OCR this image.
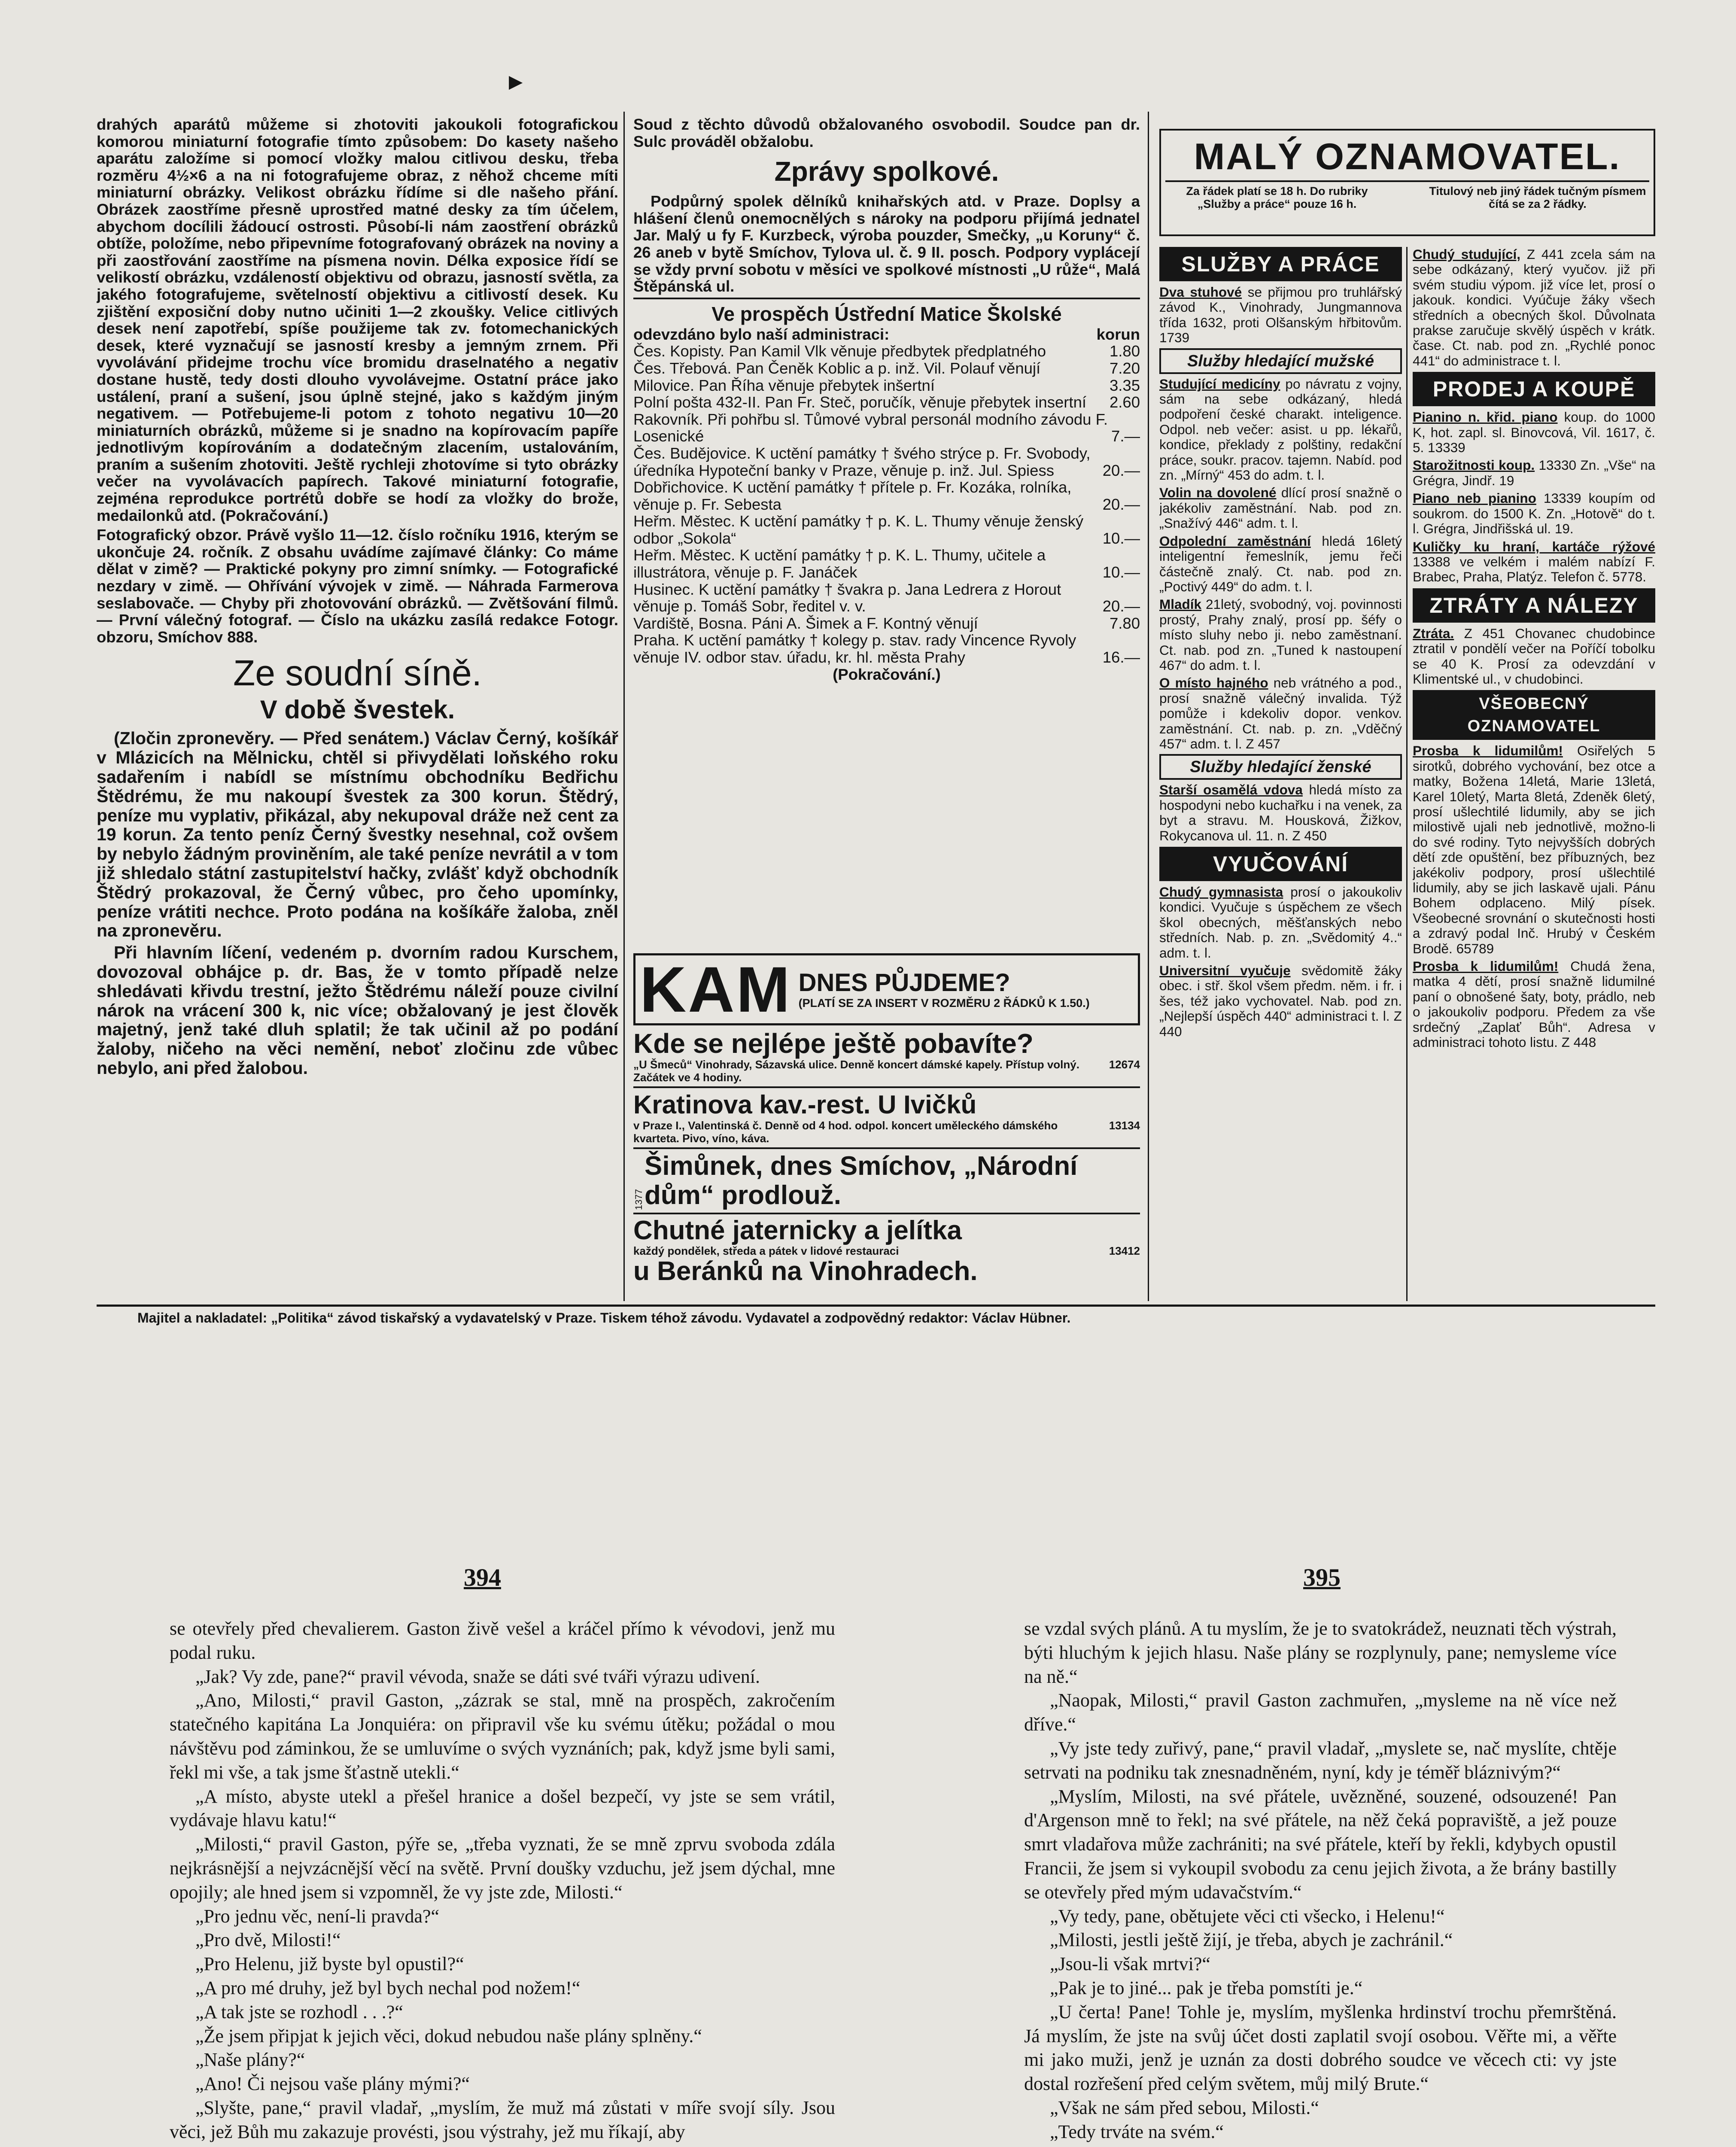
▶

drahých aparátů můžeme si zhotoviti jakoukoli fotografickou komorou miniaturní fotografie tímto způsobem: Do kasety našeho aparátu založíme si pomocí vložky malou citlivou desku, třeba rozměru 4½×6 a na ni fotografujeme obraz, z něhož chceme míti miniaturní obrázky. Velikost obrázku řídíme si dle našeho přání. Obrázek zaostříme přesně uprostřed matné desky za tím účelem, abychom docílili žádoucí ostrosti. Působí-li nám zaostření obrázků obtíže, položíme, nebo připevníme fotografovaný obrázek na noviny a při zaostřování zaostříme na písmena novin. Délka exposice řídí se velikostí obrázku, vzdáleností objektivu od obrazu, jasností světla, za jakého fotografujeme, světelností objektivu a citlivostí desek. Ku zjištění exposiční doby nutno učiniti 1—2 zkoušky. Velice citlivých desek není zapotřebí, spíše použijeme tak zv. fotomechanických desek, které vyznačují se jasností kresby a jemným zrnem. Při vyvolávání přidejme trochu více bromidu draselnatého a negativ dostane hustě, tedy dosti dlouho vyvolávejme. Ostatní práce jako ustálení, praní a sušení, jsou úplně stejné, jako s každým jiným negativem. — Potřebujeme-li potom z tohoto negativu 10—20 miniaturních obrázků, můžeme si je snadno na kopírovacím papíře jednotlivým kopírováním a dodatečným zlacením, ustalováním, praním a sušením zhotoviti. Ještě rychleji zhotovíme si tyto obrázky večer na vyvolávacích papírech. Takové miniaturní fotografie, zejména reprodukce portrétů dobře se hodí za vložky do brože, medailonků atd. (Pokračování.)

Fotografický obzor. Právě vyšlo 11—12. číslo ročníku 1916, kterým se ukončuje 24. ročník. Z obsahu uvádíme zajímavé články: Co máme dělat v zimě? — Praktické pokyny pro zimní snímky. — Fotografické nezdary v zimě. — Ohřívání vývojek v zimě. — Náhrada Farmerova seslabovače. — Chyby při zhotovování obrázků. — Zvětšování filmů. — První válečný fotograf. — Číslo na ukázku zasílá redakce Fotogr. obzoru, Smíchov 888.

Ze soudní síně.
V době švestek.

(Zločin zpronevěry. — Před senátem.) Václav Černý, košíkář v Mlázicích na Mělnicku, chtěl si přivydělati loňského roku sadařením i nabídl se místnímu obchodníku Bedřichu Štědrému, že mu nakoupí švestek za 300 korun. Štědrý, peníze mu vyplativ, přikázal, aby nekupoval dráže než cent za 19 korun. Za tento peníz Černý švestky nesehnal, což ovšem by nebylo žádným proviněním, ale také peníze nevrátil a v tom již shledalo státní zastupitelství hačky, zvlášť když obchodník Štědrý prokazoval, že Černý vůbec, pro čeho upomínky, peníze vrátiti nechce. Proto podána na košíkáře žaloba, zněl na zpronevěru.

Při hlavním líčení, vedeném p. dvorním radou Kurschem, dovozoval obhájce p. dr. Bas, že v tomto případě nelze shledávati křivdu trestní, ježto Štědrému náleží pouze civilní nárok na vrácení 300 k, nic více; obžalovaný je jest člověk majetný, jenž také dluh splatil; že tak učinil až po podání žaloby, ničeho na věci nemění, neboť zločinu zde vůbec nebylo, ani před žalobou.

Soud z těchto důvodů obžalovaného osvobodil. Soudce pan dr. Sulc prováděl obžalobu.

Zprávy spolkové.

Podpůrný spolek dělníků knihařských atd. v Praze. Doplsy a hlášení členů onemocnělých s nároky na podporu přijímá jednatel Jar. Malý u fy F. Kurzbeck, výroba pouzder, Smečky, „u Koruny“ č. 26 aneb v bytě Smíchov, Tylova ul. č. 9 II. posch. Podpory vyplácejí se vždy první sobotu v měsíci ve spolkové místnosti „U růže“, Malá Štěpánská ul.

Ve prospěch Ústřední Matice Školské
odevzdáno bylo naší administraci:	korun
Čes. Kopisty. Pan Kamil Vlk věnuje předbytek předplatného	1.80
Čes. Třebová. Pan Čeněk Koblic a p. inž. Vil. Polauf věnují	7.20
Milovice. Pan Říha věnuje přebytek inšertní	3.35
Polní pošta 432-II. Pan Fr. Steč, poručík, věnuje přebytek insertní 2.60
Rakovník. Při pohřbu sl. Tůmové vybral personál modního závodu F. Losenické	7.—
Čes. Budějovice. K uctění památky † švého strýce p. Fr. Svobody, úředníka Hypoteční banky v Praze, věnuje p. inž. Jul. Spiess	20.—
Dobřichovice. K uctění památky † přítele p. Fr. Kozáka, rolníka, věnuje p. Fr. Sebesta	20.—
Heřm. Městec. K uctění památky † p. K. L. Thumy věnuje ženský odbor „Sokola“	10.—
Heřm. Městec. K uctění památky † p. K. L. Thumy, učitele a illustrátora, věnuje p. F. Janáček	10.—
Husinec. K uctění památky † švakra p. Jana Ledrera z Horout věnuje p. Tomáš Sobr, ředitel v. v.	20.—
Vardiště, Bosna. Páni A. Šimek a F. Kontný věnují	7.80
Praha. K uctění památky † kolegy p. stav. rady Vincence Ryvoly věnuje IV. odbor stav. úřadu, kr. hl. města Prahy	16.—
(Pokračování.)
KAM DNES PŮJDEME?
(PLATÍ SE ZA INSERT V ROZMĚRU 2 ŘÁDKŮ K 1.50.)
Kde se nejlépe ještě pobavíte?
„U Šmeců“ Vinohrady, Sázavská ulice. Denně koncert dámské kapely. Přístup volný. Začátek ve 4 hodiny.
12674
Kratinova kav.-rest. U Ivičků
v Praze I., Valentinská č. Denně od 4 hod. odpol. koncert uměleckého dámského kvarteta. Pivo, víno, káva.
13134
1377
Šimůnek, dnes Smíchov, „Národní dům“ prodlouž.
Chutné jaternicky a jelítka
každý pondělek, středa a pátek v lidové restauraci	13412
u Beránků na Vinohradech.
MALÝ OZNAMOVATEL.
Za řádek platí se 18 h. Do rubriky „Služby a práce“ pouze 16 h.
Titulový neb jiný řádek tučným písmem čítá se za 2 řádky.
SLUŽBY A PRÁCE

Dva stuhové se přijmou pro truhlářský závod K., Vinohrady, Jungmannova třída 1632, proti Olšanským hřbitovům. 1739

Služby hledající mužské

Studující medicíny po návratu z vojny, sám na sebe odkázaný, hledá podpoření české charakt. inteligence. Odpol. neb večer: asist. u pp. lékařů, kondice, překlady z polštiny, redakční práce, soukr. pracov. tajemn. Nabíd. pod zn. „Mírný“ 453 do adm. t. l.

Volin na dovolené dlící prosí snažně o jakékoliv zaměstnání. Nab. pod zn. „Snažívý 446“ adm. t. l.

Odpolední zaměstnání hledá 16letý inteligentní řemeslník, jemu řeči částečně znalý. Ct. nab. pod zn. „Poctivý 449“ do adm. t. l.

Mladík 21letý, svobodný, voj. povinnosti prostý, Prahy znalý, prosí pp. šéfy o místo sluhy nebo ji. nebo zaměstnaní. Ct. nab. pod zn. „Tuned k nastoupení 467“ do adm. t. l.

O místo hajného neb vrátného a pod., prosí snažně válečný invalida. Týž pomůže i kdekoliv dopor. venkov. zaměstnání. Ct. nab. p. zn. „Vděčný 457“ adm. t. l. Z 457

Služby hledající ženské

Starší osamělá vdova hledá místo za hospodyni nebo kuchařku i na venek, za byt a stravu. M. Housková, Žižkov, Rokycanova ul. 11. n. Z 450

VYUČOVÁNÍ

Chudý gymnasista prosí o jakoukoliv kondici. Vyučuje s úspěchem ze všech škol obecných, měšťanských nebo středních. Nab. p. zn. „Svědomitý 4..“ adm. t. l.

Universitní vyučuje svědomitě žáky obec. i stř. škol všem předm. něm. i fr. i šes, též jako vychovatel. Nab. pod zn. „Nejlepší úspěch 440“ administraci t. l. Z 440

Chudý studující, Z 441 zcela sám na sebe odkázaný, který vyučov. již při svém studiu výpom. již více let, prosí o jakouk. kondici. Vyúčuje žáky všech středních a obecných škol. Důvolnata prakse zaručuje skvělý úspěch v krátk. čase. Ct. nab. pod zn. „Rychlé ponoc 441“ do administrace t. l.

PRODEJ A KOUPĚ

Pianino n. křid. piano koup. do 1000 K, hot. zapl. sl. Binovcová, Vil. 1617, č. 5. 13339

Starožitnosti koup. 13330 Zn. „Vše“ na Grégra, Jindř. 19

Piano neb pianino 13339 koupím od soukrom. do 1500 K. Zn. „Hotově“ do t. l. Grégra, Jindřišská ul. 19.

Kuličky ku hraní, kartáče rýžové 13388 ve velkém i malém nabízí F. Brabec, Praha, Platýz. Telefon č. 5778.

ZTRÁTY A NÁLEZY

Ztráta. Z 451 Chovanec chudobince ztratil v pondělí večer na Poříčí tobolku se 40 K. Prosí za odevzdání v Klimentské ul., v chudobinci.

VŠEOBECNÝ OZNAMOVATEL

Prosba k lidumilům! Osiřelých 5 sirotků, dobrého vychování, bez otce a matky, Božena 14letá, Marie 13letá, Karel 10letý, Marta 8letá, Zdeněk 6letý, prosí ušlechtilé lidumily, aby se jich milostivě ujali neb jednotlivě, možno-li do své rodiny. Tyto nejvyšších dobrých dětí zde opuštění, bez příbuzných, bez jakékoliv podpory, prosí ušlechtilé lidumily, aby se jich laskavě ujali. Pánu Bohem odplaceno. Milý písek. Všeobecné srovnání o skutečnosti hosti a zdravý podal Inč. Hrubý v Českém Brodě. 65789

Prosba k lidumilům! Chudá žena, matka 4 dětí, prosí snažně lidumilné paní o obnošené šaty, boty, prádlo, neb o jakoukoliv podporu. Předem za vše srdečný „Zaplať Bůh“. Adresa v administraci tohoto listu. Z 448

Majitel a nakladatel: „Politika“ závod tiskařský a vydavatelský v Praze. Tiskem téhož závodu. Vydavatel a zodpovědný redaktor: Václav Hübner.
394	395

se otevřely před chevalierem. Gaston živě vešel a kráčel přímo k vévodovi, jenž mu podal ruku.

„Jak? Vy zde, pane?“ pravil vévoda, snaže se dáti své tváři výrazu udivení.

„Ano, Milosti,“ pravil Gaston, „zázrak se stal, mně na prospěch, zakročením statečného kapitána La Jonquiéra: on připravil vše ku svému útěku; požádal o mou návštěvu pod záminkou, že se umluvíme o svých vyznáních; pak, když jsme byli sami, řekl mi vše, a tak jsme šťastně utekli.“

„A místo, abyste utekl a přešel hranice a došel bezpečí, vy jste se sem vrátil, vydávaje hlavu katu!“

„Milosti,“ pravil Gaston, pýře se, „třeba vyznati, že se mně zprvu svoboda zdála nejkrásnější a nejvzácnější věcí na světě. První doušky vzduchu, jež jsem dýchal, mne opojily; ale hned jsem si vzpomněl, že vy jste zde, Milosti.“

„Pro jednu věc, není-li pravda?“

„Pro dvě, Milosti!“

„Pro Helenu, již byste byl opustil?“

„A pro mé druhy, jež byl bych nechal pod nožem!“

„A tak jste se rozhodl . . .?“

„Že jsem připjat k jejich věci, dokud nebudou naše plány splněny.“

„Naše plány?“

„Ano! Či nejsou vaše plány mými?“

„Slyšte, pane,“ pravil vladař, „myslím, že muž má zůstati v míře svojí síly. Jsou věci, jež Bůh mu zakazuje provésti, jsou výstrahy, jež mu říkají, aby

se vzdal svých plánů. A tu myslím, že je to svatokrádež, neuznati těch výstrah, býti hluchým k jejich hlasu. Naše plány se rozplynuly, pane; nemysleme více na ně.“

„Naopak, Milosti,“ pravil Gaston zachmuřen, „mysleme na ně více než dříve.“

„Vy jste tedy zuřivý, pane,“ pravil vladař, „myslete se, nač myslíte, chtěje setrvati na podniku tak znesnadněném, nyní, kdy je téměř bláznivým?“

„Myslím, Milosti, na své přátele, uvězněné, souzené, odsouzené! Pan d'Argenson mně to řekl; na své přátele, na něž čeká popraviště, a jež pouze smrt vladařova může zachrániti; na své přátele, kteří by řekli, kdybych opustil Francii, že jsem si vykoupil svobodu za cenu jejich života, a že brány bastilly se otevřely před mým udavačstvím.“

„Vy tedy, pane, obětujete věci cti všecko, i Helenu!“

„Milosti, jestli ještě žijí, je třeba, abych je zachránil.“

„Jsou-li však mrtvi?“

„Pak je to jiné... pak je třeba pomstíti je.“

„U čerta! Pane! Tohle je, myslím, myšlenka hrdinství trochu přemrštěná. Já myslím, že jste na svůj účet dosti zaplatil svojí osobou. Věřte mi, a věřte mi jako muži, jenž je uznán za dosti dobrého soudce ve věcech cti: vy jste dostal rozřešení před celým světem, můj milý Brute.“

„Však ne sám před sebou, Milosti.“

„Tedy trváte na svém.“
